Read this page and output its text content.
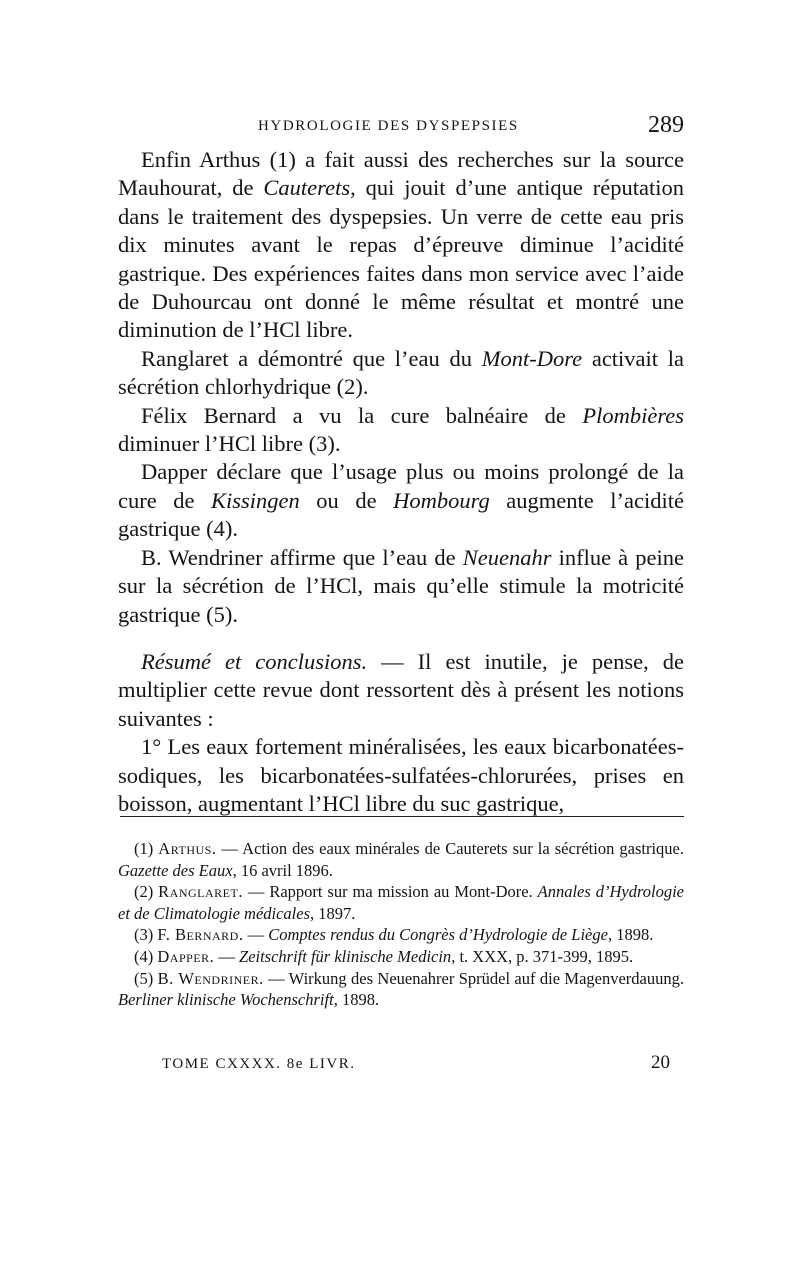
HYDROLOGIE DES DYSPEPSIES	289

Enfin Arthus (1) a fait aussi des recherches sur la source Mauhourat, de Cauterets, qui jouit d’une antique réputation dans le traitement des dyspepsies. Un verre de cette eau pris dix minutes avant le repas d’épreuve diminue l’acidité gastrique. Des expériences faites dans mon service avec l’aide de Duhourcau ont donné le même résultat et montré une diminution de l’HCl libre.

Ranglaret a démontré que l’eau du Mont-Dore activait la sécrétion chlorhydrique (2).

Félix Bernard a vu la cure balnéaire de Plombières diminuer l’HCl libre (3).

Dapper déclare que l’usage plus ou moins prolongé de la cure de Kissingen ou de Hombourg augmente l’acidité gastrique (4).

B. Wendriner affirme que l’eau de Neuenahr influe à peine sur la sécrétion de l’HCl, mais qu’elle stimule la motricité gastrique (5).

Résumé et conclusions. — Il est inutile, je pense, de multiplier cette revue dont ressortent dès à présent les notions suivantes :

1° Les eaux fortement minéralisées, les eaux bicarbonatées-sodiques, les bicarbonatées-sulfatées-chlorurées, prises en boisson, augmentant l’HCl libre du suc gastrique,

(1) Arthus. — Action des eaux minérales de Cauterets sur la sécrétion gastrique. Gazette des Eaux, 16 avril 1896.

(2) Ranglaret. — Rapport sur ma mission au Mont-Dore. Annales d’Hydrologie et de Climatologie médicales, 1897.

(3) F. Bernard. — Comptes rendus du Congrès d’Hydrologie de Liège, 1898.

(4) Dapper. — Zeitschrift für klinische Medicin, t. XXX, p. 371-399, 1895.

(5) B. Wendriner. — Wirkung des Neuenahrer Sprüdel auf die Magenverdauung. Berliner klinische Wochenschrift, 1898.

TOME CXXXX. 8e LIVR.	20
